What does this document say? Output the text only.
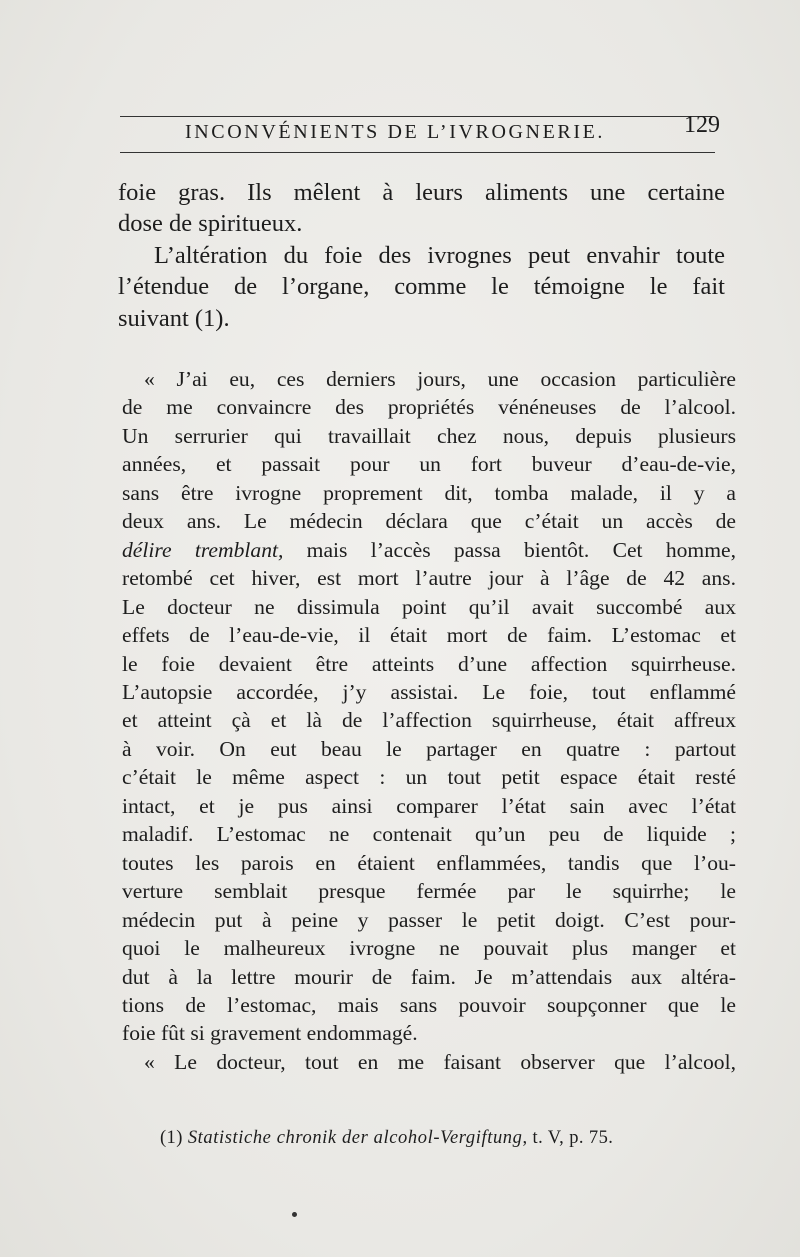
INCONVÉNIENTS DE L’IVROGNERIE.	129
foie gras. Ils mêlent à leurs aliments une certaine
dose de spiritueux.
L’altération du foie des ivrognes peut envahir toute
l’étendue de l’organe, comme le témoigne le fait
suivant (1).
« J’ai eu, ces derniers jours, une occasion particulière
de me convaincre des propriétés vénéneuses de l’alcool.
Un serrurier qui travaillait chez nous, depuis plusieurs
années, et passait pour un fort buveur d’eau-de-vie,
sans être ivrogne proprement dit, tomba malade, il y a
deux ans. Le médecin déclara que c’était un accès de
délire tremblant, mais l’accès passa bientôt. Cet homme,
retombé cet hiver, est mort l’autre jour à l’âge de 42 ans.
Le docteur ne dissimula point qu’il avait succombé aux
effets de l’eau-de-vie, il était mort de faim. L’estomac et
le foie devaient être atteints d’une affection squirrheuse.
L’autopsie accordée, j’y assistai. Le foie, tout enflammé
et atteint çà et là de l’affection squirrheuse, était affreux
à voir. On eut beau le partager en quatre : partout
c’était le même aspect : un tout petit espace était resté
intact, et je pus ainsi comparer l’état sain avec l’état
maladif. L’estomac ne contenait qu’un peu de liquide ;
toutes les parois en étaient enflammées, tandis que l’ou-
verture semblait presque fermée par le squirrhe; le
médecin put à peine y passer le petit doigt. C’est pour-
quoi le malheureux ivrogne ne pouvait plus manger et
dut à la lettre mourir de faim. Je m’attendais aux altéra-
tions de l’estomac, mais sans pouvoir soupçonner que le
foie fût si gravement endommagé.
« Le docteur, tout en me faisant observer que l’alcool,
(1) Statistiche chronik der alcohol-Vergiftung, t. V, p. 75.
